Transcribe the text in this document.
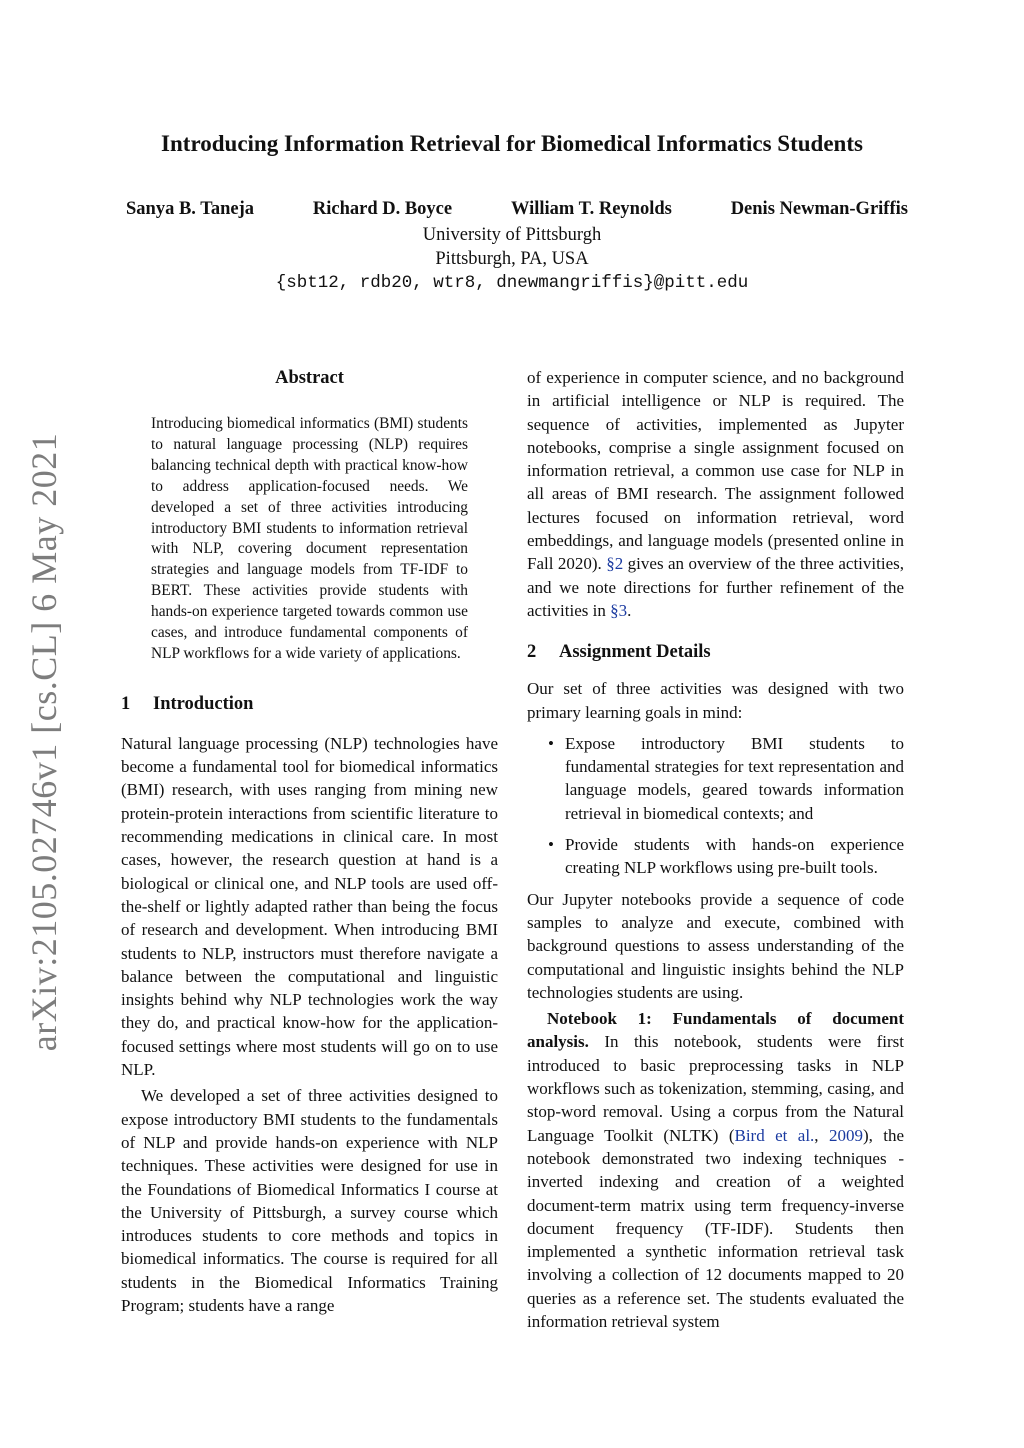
arXiv:2105.02746v1 [cs.CL] 6 May 2021
Introducing Information Retrieval for Biomedical Informatics Students
Sanya B. Taneja	Richard D. Boyce	William T. Reynolds	Denis Newman-Griffis
University of Pittsburgh
Pittsburgh, PA, USA
{sbt12, rdb20, wtr8, dnewmangriffis}@pitt.edu
Abstract

Introducing biomedical informatics (BMI) students to natural language processing (NLP) requires balancing technical depth with practical know-how to address application-focused needs. We developed a set of three activities introducing introductory BMI students to information retrieval with NLP, covering document representation strategies and language models from TF-IDF to BERT. These activities provide students with hands-on experience targeted towards common use cases, and introduce fundamental components of NLP workflows for a wide variety of applications.

1 Introduction

Natural language processing (NLP) technologies have become a fundamental tool for biomedical informatics (BMI) research, with uses ranging from mining new protein-protein interactions from scientific literature to recommending medications in clinical care. In most cases, however, the research question at hand is a biological or clinical one, and NLP tools are used off-the-shelf or lightly adapted rather than being the focus of research and development. When introducing BMI students to NLP, instructors must therefore navigate a balance between the computational and linguistic insights behind why NLP technologies work the way they do, and practical know-how for the application-focused settings where most students will go on to use NLP.

We developed a set of three activities designed to expose introductory BMI students to the fundamentals of NLP and provide hands-on experience with NLP techniques. These activities were designed for use in the Foundations of Biomedical Informatics I course at the University of Pittsburgh, a survey course which introduces students to core methods and topics in biomedical informatics. The course is required for all students in the Biomedical Informatics Training Program; students have a range

of experience in computer science, and no background in artificial intelligence or NLP is required. The sequence of activities, implemented as Jupyter notebooks, comprise a single assignment focused on information retrieval, a common use case for NLP in all areas of BMI research. The assignment followed lectures focused on information retrieval, word embeddings, and language models (presented online in Fall 2020). §2 gives an overview of the three activities, and we note directions for further refinement of the activities in §3.

2 Assignment Details

Our set of three activities was designed with two primary learning goals in mind:

• Expose introductory BMI students to fundamental strategies for text representation and language models, geared towards information retrieval in biomedical contexts; and
• Provide students with hands-on experience creating NLP workflows using pre-built tools.

Our Jupyter notebooks provide a sequence of code samples to analyze and execute, combined with background questions to assess understanding of the computational and linguistic insights behind the NLP technologies students are using.

Notebook 1: Fundamentals of document analysis. In this notebook, students were first introduced to basic preprocessing tasks in NLP workflows such as tokenization, stemming, casing, and stop-word removal. Using a corpus from the Natural Language Toolkit (NLTK) (Bird et al., 2009), the notebook demonstrated two indexing techniques - inverted indexing and creation of a weighted document-term matrix using term frequency-inverse document frequency (TF-IDF). Students then implemented a synthetic information retrieval task involving a collection of 12 documents mapped to 20 queries as a reference set. The students evaluated the information retrieval system
